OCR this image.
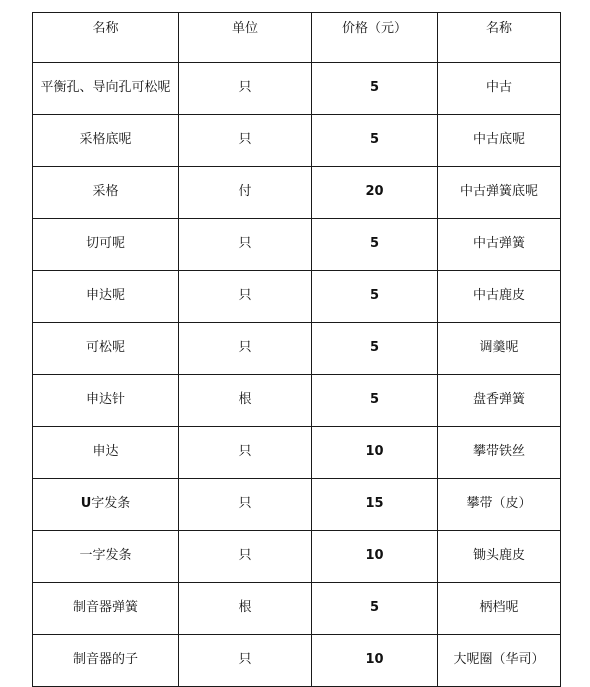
名称	单位	价格（元）	名称
平衡孔、导向孔可松呢	只	5	中古
采格底呢	只	5	中古底呢
采格	付	20	中古弹簧底呢
切可呢	只	5	中古弹簧
申达呢	只	5	中古鹿皮
可松呢	只	5	调羹呢
申达针	根	5	盘香弹簧
申达	只	10	攀带铁丝
U字发条	只	15	攀带（皮）
一字发条	只	10	锄头鹿皮
制音器弹簧	根	5	柄档呢
制音器的子	只	10	大呢圈（华司）
